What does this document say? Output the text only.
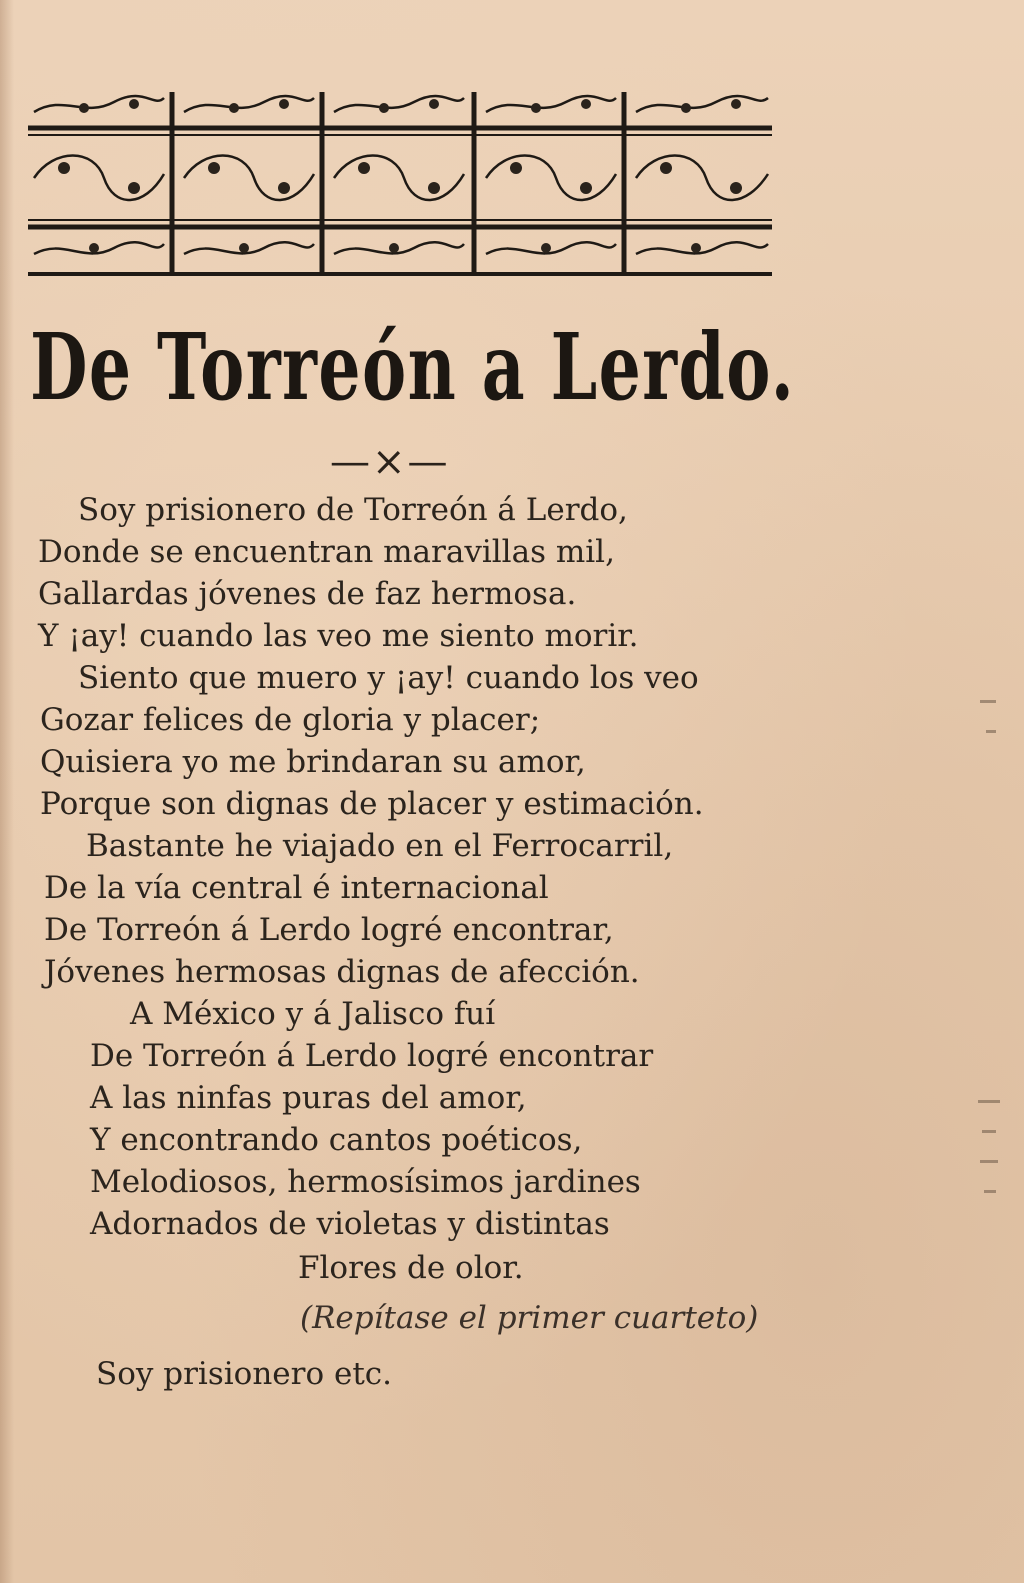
De Torreón a Lerdo.
—×—
Soy prisionero de Torreón á Lerdo,
Donde se encuentran maravillas mil,
Gallardas jóvenes de faz hermosa.
Y ¡ay! cuando las veo me siento morir.
Siento que muero y ¡ay! cuando los veo
Gozar felices de gloria y placer;
Quisiera yo me brindaran su amor,
Porque son dignas de placer y estimación.
Bastante he viajado en el Ferrocarril,
De la vía central é internacional
De Torreón á Lerdo logré encontrar,
Jóvenes hermosas dignas de afección.
A México y á Jalisco fuí
De Torreón á Lerdo logré encontrar
A las ninfas puras del amor,
Y encontrando cantos poéticos,
Melodiosos, hermosísimos jardines
Adornados de violetas y distintas
Flores de olor.
(Repítase el primer cuarteto)
Soy prisionero etc.
